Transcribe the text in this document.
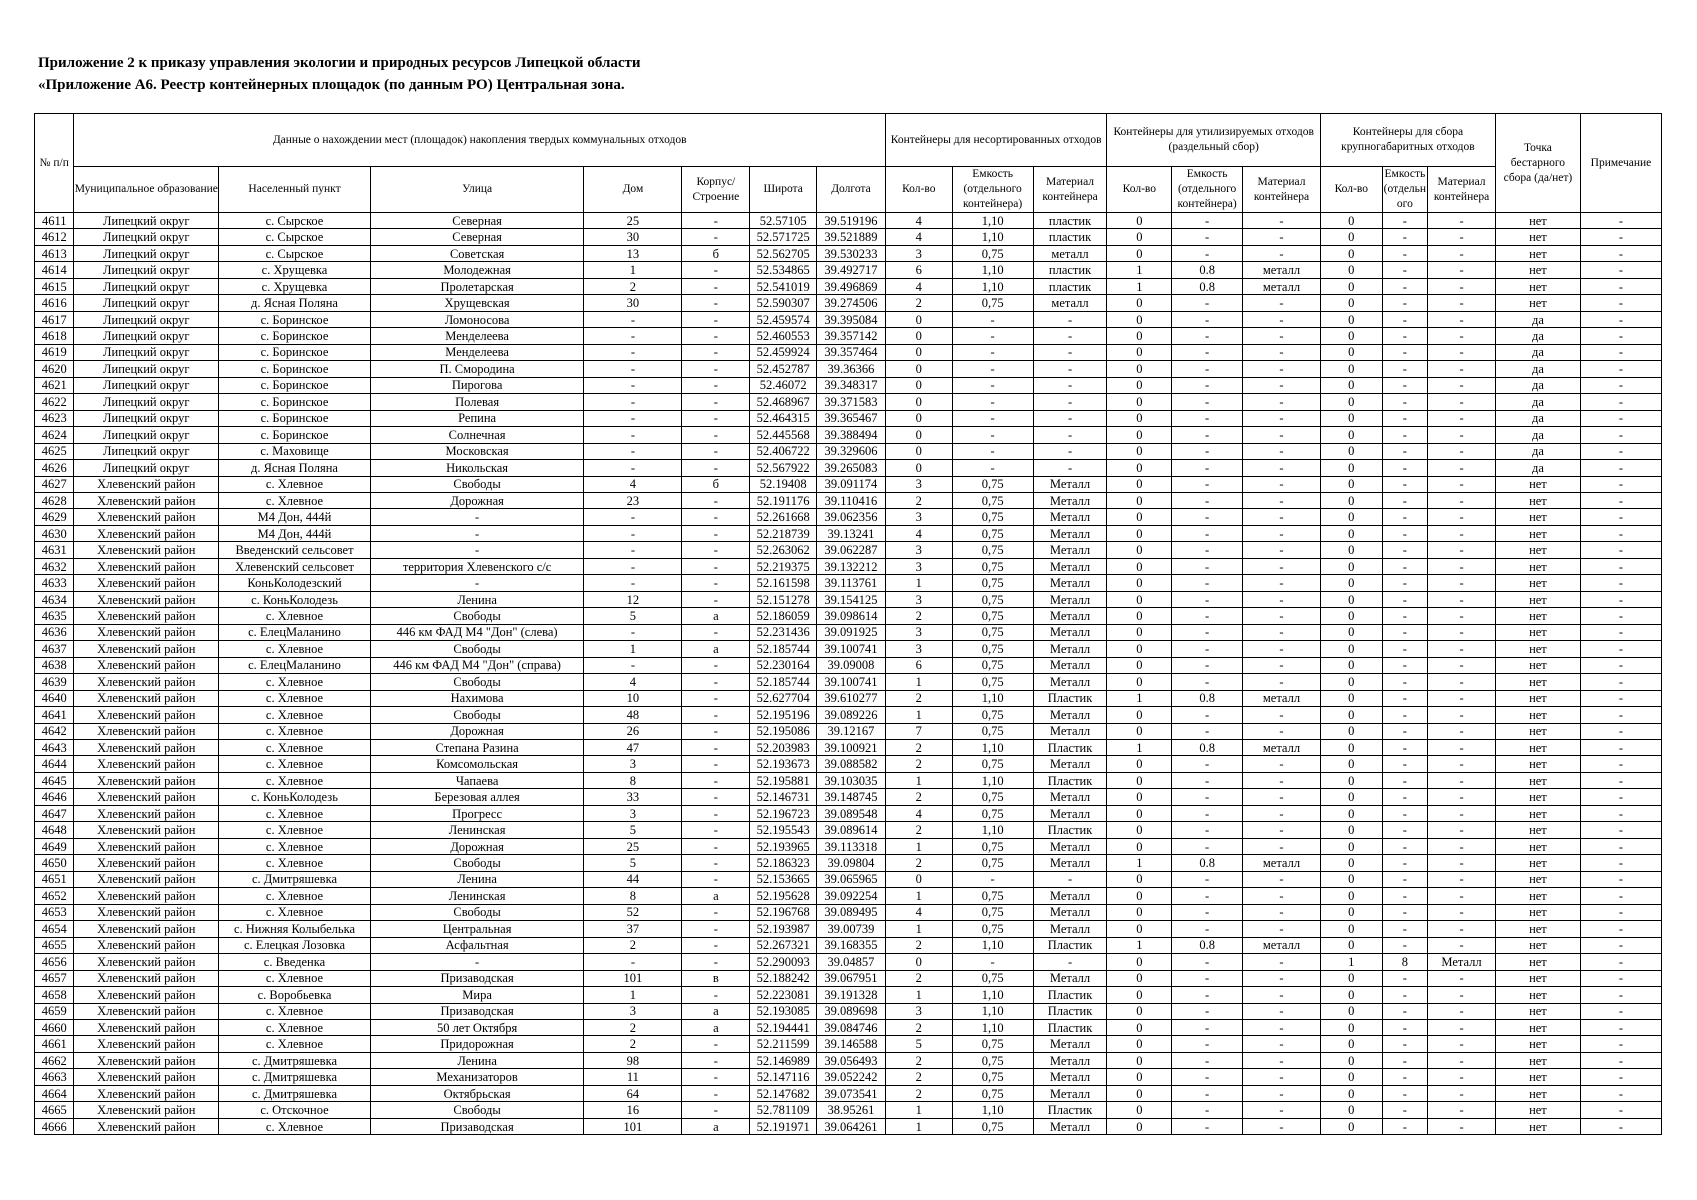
Приложение 2 к приказу управления экологии и природных ресурсов Липецкой области
«Приложение А6. Реестр контейнерных площадок (по данным РО) Центральная зона.
№ п/п	Данные о нахождении мест (площадок) накопления твердых коммунальных отходов							Контейнеры для несортированных отходов			Контейнеры для утилизируемых отходов (раздельный сбор)			Контейнеры для сбора крупногабаритных отходов			Точка бестарного сбора (да/нет)	Примечание
	Муниципальное образование	Населенный пункт	Улица	Дом	Корпус/ Строение	Широта	Долгота	Кол-во	Емкость (отдельного контейнера)	Материал контейнера	Кол-во	Емкость (отдельного контейнера)	Материал контейнера	Кол-во	Емкость (отдельн ого	Материал контейнера		
4611	Липецкий округ	с. Сырское	Северная	25	-	52.57105	39.519196	4	1,10	пластик	0	-	-	0	-	-	нет	-
4612	Липецкий округ	с. Сырское	Северная	30	-	52.571725	39.521889	4	1,10	пластик	0	-	-	0	-	-	нет	-
4613	Липецкий округ	с. Сырское	Советская	13	б	52.562705	39.530233	3	0,75	металл	0	-	-	0	-	-	нет	-
4614	Липецкий округ	с. Хрущевка	Молодежная	1	-	52.534865	39.492717	6	1,10	пластик	1	0.8	металл	0	-	-	нет	-
4615	Липецкий округ	с. Хрущевка	Пролетарская	2	-	52.541019	39.496869	4	1,10	пластик	1	0.8	металл	0	-	-	нет	-
4616	Липецкий округ	д. Ясная Поляна	Хрущевская	30	-	52.590307	39.274506	2	0,75	металл	0	-	-	0	-	-	нет	-
4617	Липецкий округ	с. Боринское	Ломоносова	-	-	52.459574	39.395084	0	-	-	0	-	-	0	-	-	да	-
4618	Липецкий округ	с. Боринское	Менделеева	-	-	52.460553	39.357142	0	-	-	0	-	-	0	-	-	да	-
4619	Липецкий округ	с. Боринское	Менделеева	-	-	52.459924	39.357464	0	-	-	0	-	-	0	-	-	да	-
4620	Липецкий округ	с. Боринское	П. Смородина	-	-	52.452787	39.36366	0	-	-	0	-	-	0	-	-	да	-
4621	Липецкий округ	с. Боринское	Пирогова	-	-	52.46072	39.348317	0	-	-	0	-	-	0	-	-	да	-
4622	Липецкий округ	с. Боринское	Полевая	-	-	52.468967	39.371583	0	-	-	0	-	-	0	-	-	да	-
4623	Липецкий округ	с. Боринское	Репина	-	-	52.464315	39.365467	0	-	-	0	-	-	0	-	-	да	-
4624	Липецкий округ	с. Боринское	Солнечная	-	-	52.445568	39.388494	0	-	-	0	-	-	0	-	-	да	-
4625	Липецкий округ	с. Маховище	Московская	-	-	52.406722	39.329606	0	-	-	0	-	-	0	-	-	да	-
4626	Липецкий округ	д. Ясная Поляна	Никольская	-	-	52.567922	39.265083	0	-	-	0	-	-	0	-	-	да	-
4627	Хлевенский район	с. Хлевное	Свободы	4	б	52.19408	39.091174	3	0,75	Металл	0	-	-	0	-	-	нет	-
4628	Хлевенский район	с. Хлевное	Дорожная	23	-	52.191176	39.110416	2	0,75	Металл	0	-	-	0	-	-	нет	-
4629	Хлевенский район	М4 Дон, 444й	-	-	-	52.261668	39.062356	3	0,75	Металл	0	-	-	0	-	-	нет	-
4630	Хлевенский район	М4 Дон, 444й	-	-	-	52.218739	39.13241	4	0,75	Металл	0	-	-	0	-	-	нет	-
4631	Хлевенский район	Введенский сельсовет	-	-	-	52.263062	39.062287	3	0,75	Металл	0	-	-	0	-	-	нет	-
4632	Хлевенский район	Хлевенский сельсовет	территория Хлевенского с/с	-	-	52.219375	39.132212	3	0,75	Металл	0	-	-	0	-	-	нет	-
4633	Хлевенский район	КоньКолодезский	-	-	-	52.161598	39.113761	1	0,75	Металл	0	-	-	0	-	-	нет	-
4634	Хлевенский район	с. КоньКолодезь	Ленина	12	-	52.151278	39.154125	3	0,75	Металл	0	-	-	0	-	-	нет	-
4635	Хлевенский район	с. Хлевное	Свободы	5	а	52.186059	39.098614	2	0,75	Металл	0	-	-	0	-	-	нет	-
4636	Хлевенский район	с. ЕлецМаланино	446 км ФАД М4 "Дон" (слева)	-	-	52.231436	39.091925	3	0,75	Металл	0	-	-	0	-	-	нет	-
4637	Хлевенский район	с. Хлевное	Свободы	1	а	52.185744	39.100741	3	0,75	Металл	0	-	-	0	-	-	нет	-
4638	Хлевенский район	с. ЕлецМаланино	446 км ФАД М4 "Дон" (справа)	-	-	52.230164	39.09008	6	0,75	Металл	0	-	-	0	-	-	нет	-
4639	Хлевенский район	с. Хлевное	Свободы	4	-	52.185744	39.100741	1	0,75	Металл	0	-	-	0	-	-	нет	-
4640	Хлевенский район	с. Хлевное	Нахимова	10	-	52.627704	39.610277	2	1,10	Пластик	1	0.8	металл	0	-	-	нет	-
4641	Хлевенский район	с. Хлевное	Свободы	48	-	52.195196	39.089226	1	0,75	Металл	0	-	-	0	-	-	нет	-
4642	Хлевенский район	с. Хлевное	Дорожная	26	-	52.195086	39.12167	7	0,75	Металл	0	-	-	0	-	-	нет	-
4643	Хлевенский район	с. Хлевное	Степана Разина	47	-	52.203983	39.100921	2	1,10	Пластик	1	0.8	металл	0	-	-	нет	-
4644	Хлевенский район	с. Хлевное	Комсомольская	3	-	52.193673	39.088582	2	0,75	Металл	0	-	-	0	-	-	нет	-
4645	Хлевенский район	с. Хлевное	Чапаева	8	-	52.195881	39.103035	1	1,10	Пластик	0	-	-	0	-	-	нет	-
4646	Хлевенский район	с. КоньКолодезь	Березовая аллея	33	-	52.146731	39.148745	2	0,75	Металл	0	-	-	0	-	-	нет	-
4647	Хлевенский район	с. Хлевное	Прогресс	3	-	52.196723	39.089548	4	0,75	Металл	0	-	-	0	-	-	нет	-
4648	Хлевенский район	с. Хлевное	Ленинская	5	-	52.195543	39.089614	2	1,10	Пластик	0	-	-	0	-	-	нет	-
4649	Хлевенский район	с. Хлевное	Дорожная	25	-	52.193965	39.113318	1	0,75	Металл	0	-	-	0	-	-	нет	-
4650	Хлевенский район	с. Хлевное	Свободы	5	-	52.186323	39.09804	2	0,75	Металл	1	0.8	металл	0	-	-	нет	-
4651	Хлевенский район	с. Дмитряшевка	Ленина	44	-	52.153665	39.065965	0	-	-	0	-	-	0	-	-	нет	-
4652	Хлевенский район	с. Хлевное	Ленинская	8	а	52.195628	39.092254	1	0,75	Металл	0	-	-	0	-	-	нет	-
4653	Хлевенский район	с. Хлевное	Свободы	52	-	52.196768	39.089495	4	0,75	Металл	0	-	-	0	-	-	нет	-
4654	Хлевенский район	с. Нижняя Колыбелька	Центральная	37	-	52.193987	39.00739	1	0,75	Металл	0	-	-	0	-	-	нет	-
4655	Хлевенский район	с. Елецкая Лозовка	Асфальтная	2	-	52.267321	39.168355	2	1,10	Пластик	1	0.8	металл	0	-	-	нет	-
4656	Хлевенский район	с. Введенка	-	-	-	52.290093	39.04857	0	-	-	0	-	-	1	8	Металл	нет	-
4657	Хлевенский район	с. Хлевное	Призаводская	101	в	52.188242	39.067951	2	0,75	Металл	0	-	-	0	-	-	нет	-
4658	Хлевенский район	с. Воробьевка	Мира	1	-	52.223081	39.191328	1	1,10	Пластик	0	-	-	0	-	-	нет	-
4659	Хлевенский район	с. Хлевное	Призаводская	3	а	52.193085	39.089698	3	1,10	Пластик	0	-	-	0	-	-	нет	-
4660	Хлевенский район	с. Хлевное	50 лет Октября	2	а	52.194441	39.084746	2	1,10	Пластик	0	-	-	0	-	-	нет	-
4661	Хлевенский район	с. Хлевное	Придорожная	2	-	52.211599	39.146588	5	0,75	Металл	0	-	-	0	-	-	нет	-
4662	Хлевенский район	с. Дмитряшевка	Ленина	98	-	52.146989	39.056493	2	0,75	Металл	0	-	-	0	-	-	нет	-
4663	Хлевенский район	с. Дмитряшевка	Механизаторов	11	-	52.147116	39.052242	2	0,75	Металл	0	-	-	0	-	-	нет	-
4664	Хлевенский район	с. Дмитряшевка	Октябрьская	64	-	52.147682	39.073541	2	0,75	Металл	0	-	-	0	-	-	нет	-
4665	Хлевенский район	с. Отскочное	Свободы	16	-	52.781109	38.95261	1	1,10	Пластик	0	-	-	0	-	-	нет	-
4666	Хлевенский район	с. Хлевное	Призаводская	101	а	52.191971	39.064261	1	0,75	Металл	0	-	-	0	-	-	нет	-
